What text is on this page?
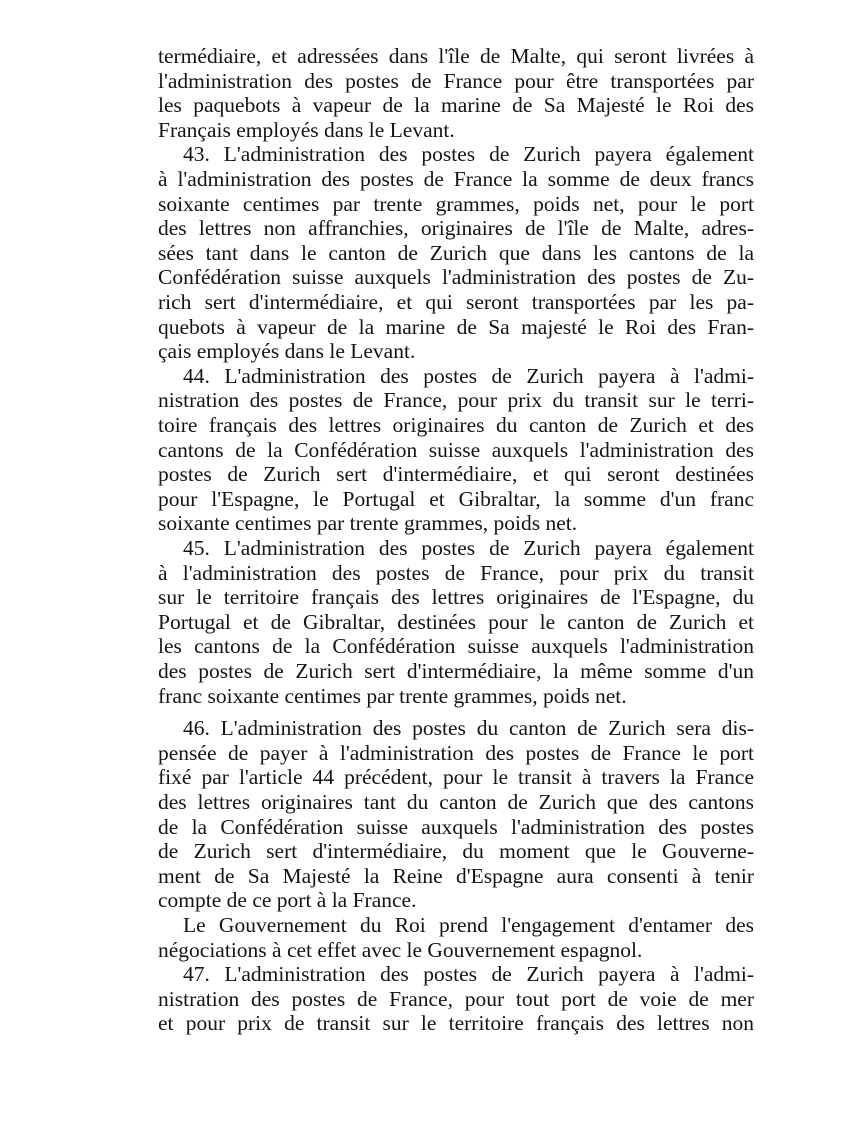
termédiaire, et adressées dans l'île de Malte, qui seront livrées à
l'administration des postes de France pour être transportées par
les paquebots à vapeur de la marine de Sa Majesté le Roi des
Français employés dans le Levant.
43. L'administration des postes de Zurich payera également
à l'administration des postes de France la somme de deux francs
soixante centimes par trente grammes, poids net, pour le port
des lettres non affranchies, originaires de l'île de Malte, adres-
sées tant dans le canton de Zurich que dans les cantons de la
Confédération suisse auxquels l'administration des postes de Zu-
rich sert d'intermédiaire, et qui seront transportées par les pa-
quebots à vapeur de la marine de Sa majesté le Roi des Fran-
çais employés dans le Levant.
44. L'administration des postes de Zurich payera à l'admi-
nistration des postes de France, pour prix du transit sur le terri-
toire français des lettres originaires du canton de Zurich et des
cantons de la Confédération suisse auxquels l'administration des
postes de Zurich sert d'intermédiaire, et qui seront destinées
pour l'Espagne, le Portugal et Gibraltar, la somme d'un franc
soixante centimes par trente grammes, poids net.
45. L'administration des postes de Zurich payera également
à l'administration des postes de France, pour prix du transit
sur le territoire français des lettres originaires de l'Espagne, du
Portugal et de Gibraltar, destinées pour le canton de Zurich et
les cantons de la Confédération suisse auxquels l'administration
des postes de Zurich sert d'intermédiaire, la même somme d'un
franc soixante centimes par trente grammes, poids net.
46. L'administration des postes du canton de Zurich sera dis-
pensée de payer à l'administration des postes de France le port
fixé par l'article 44 précédent, pour le transit à travers la France
des lettres originaires tant du canton de Zurich que des cantons
de la Confédération suisse auxquels l'administration des postes
de Zurich sert d'intermédiaire, du moment que le Gouverne-
ment de Sa Majesté la Reine d'Espagne aura consenti à tenir
compte de ce port à la France.
Le Gouvernement du Roi prend l'engagement d'entamer des
négociations à cet effet avec le Gouvernement espagnol.
47. L'administration des postes de Zurich payera à l'admi-
nistration des postes de France, pour tout port de voie de mer
et pour prix de transit sur le territoire français des lettres non
